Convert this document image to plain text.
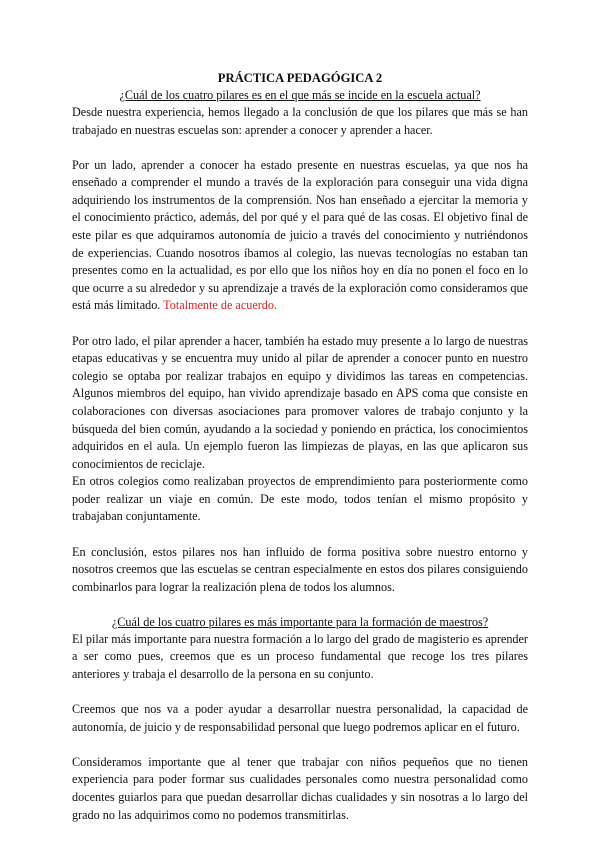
PRÁCTICA PEDAGÓGICA 2

¿Cuál de los cuatro pilares es en el que más se incide en la escuela actual?

Desde nuestra experiencia, hemos llegado a la conclusión de que los pilares que más se han trabajado en nuestras escuelas son: aprender a conocer y aprender a hacer.

Por un lado, aprender a conocer ha estado presente en nuestras escuelas, ya que nos ha enseñado a comprender el mundo a través de la exploración para conseguir una vida digna adquiriendo los instrumentos de la comprensión. Nos han enseñado a ejercitar la memoria y el conocimiento práctico, además, del por qué y el para qué de las cosas. El objetivo final de este pilar es que adquiramos autonomía de juicio a través del conocimiento y nutriéndonos de experiencias. Cuando nosotros íbamos al colegio, las nuevas tecnologías no estaban tan presentes como en la actualidad, es por ello que los niños hoy en día no ponen el foco en lo que ocurre a su alrededor y su aprendizaje a través de la exploración como consideramos que está más limitado. Totalmente de acuerdo.

Por otro lado, el pilar aprender a hacer, también ha estado muy presente a lo largo de nuestras etapas educativas y se encuentra muy unido al pilar de aprender a conocer punto en nuestro colegio se optaba por realizar trabajos en equipo y dividimos las tareas en competencias. Algunos miembros del equipo, han vivido aprendizaje basado en APS coma que consiste en colaboraciones con diversas asociaciones para promover valores de trabajo conjunto y la búsqueda del bien común, ayudando a la sociedad y poniendo en práctica, los conocimientos adquiridos en el aula. Un ejemplo fueron las limpiezas de playas, en las que aplicaron sus conocimientos de reciclaje.

En otros colegios como realizaban proyectos de emprendimiento para posteriormente como poder realizar un viaje en común. De este modo, todos tenían el mismo propósito y trabajaban conjuntamente.

En conclusión, estos pilares nos han influido de forma positiva sobre nuestro entorno y nosotros creemos que las escuelas se centran especialmente en estos dos pilares consiguiendo combinarlos para lograr la realización plena de todos los alumnos.

¿Cuál de los cuatro pilares es más importante para la formación de maestros?

El pilar más importante para nuestra formación a lo largo del grado de magisterio es aprender a ser como pues, creemos que es un proceso fundamental que recoge los tres pilares anteriores y trabaja el desarrollo de la persona en su conjunto.

Creemos que nos va a poder ayudar a desarrollar nuestra personalidad, la capacidad de autonomía, de juicio y de responsabilidad personal que luego podremos aplicar en el futuro.

Consideramos importante que al tener que trabajar con niños pequeños que no tienen experiencia para poder formar sus cualidades personales como nuestra personalidad como docentes guiarlos para que puedan desarrollar dichas cualidades y sin nosotras a lo largo del grado no las adquirimos como no podemos transmitirlas.
